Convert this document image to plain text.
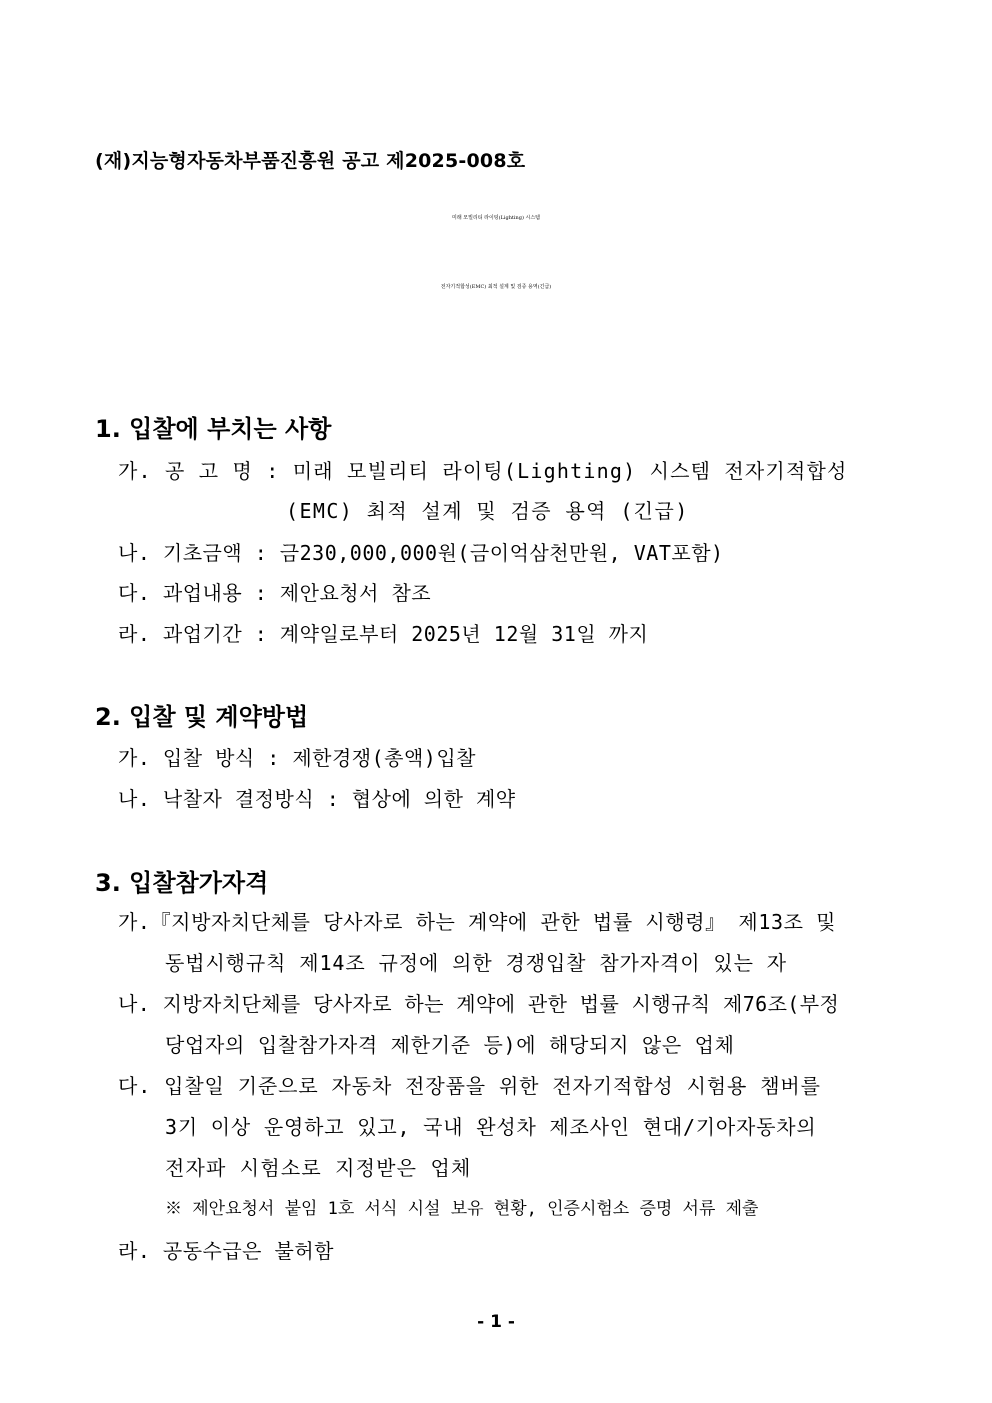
(재)지능형자동차부품진흥원 공고 제2025-008호
미래 모빌리티 라이팅(Lighting) 시스템
전자기적합성(EMC) 최적 설계 및 검증 용역(긴급)
1. 입찰에 부치는 사항
가. 공 고 명 : 미래 모빌리티 라이팅(Lighting) 시스템 전자기적합성
(EMC) 최적 설계 및 검증 용역 (긴급)
나. 기초금액 : 금230,000,000원(금이억삼천만원, VAT포함)
다. 과업내용 : 제안요청서 참조
라. 과업기간 : 계약일로부터 2025년 12월 31일 까지
2. 입찰 및 계약방법
가. 입찰 방식 : 제한경쟁(총액)입찰
나. 낙찰자 결정방식 : 협상에 의한 계약
3. 입찰참가자격
가.『지방자치단체를 당사자로 하는 계약에 관한 법률 시행령』 제13조 및
동법시행규칙 제14조 규정에 의한 경쟁입찰 참가자격이 있는 자
나. 지방자치단체를 당사자로 하는 계약에 관한 법률 시행규칙 제76조(부정
당업자의 입찰참가자격 제한기준 등)에 해당되지 않은 업체
다. 입찰일 기준으로 자동차 전장품을 위한 전자기적합성 시험용 챔버를
3기 이상 운영하고 있고, 국내 완성차 제조사인 현대/기아자동차의
전자파 시험소로 지정받은 업체
※ 제안요청서 붙임 1호 서식 시설 보유 현황, 인증시험소 증명 서류 제출
라. 공동수급은 불허함
- 1 -
